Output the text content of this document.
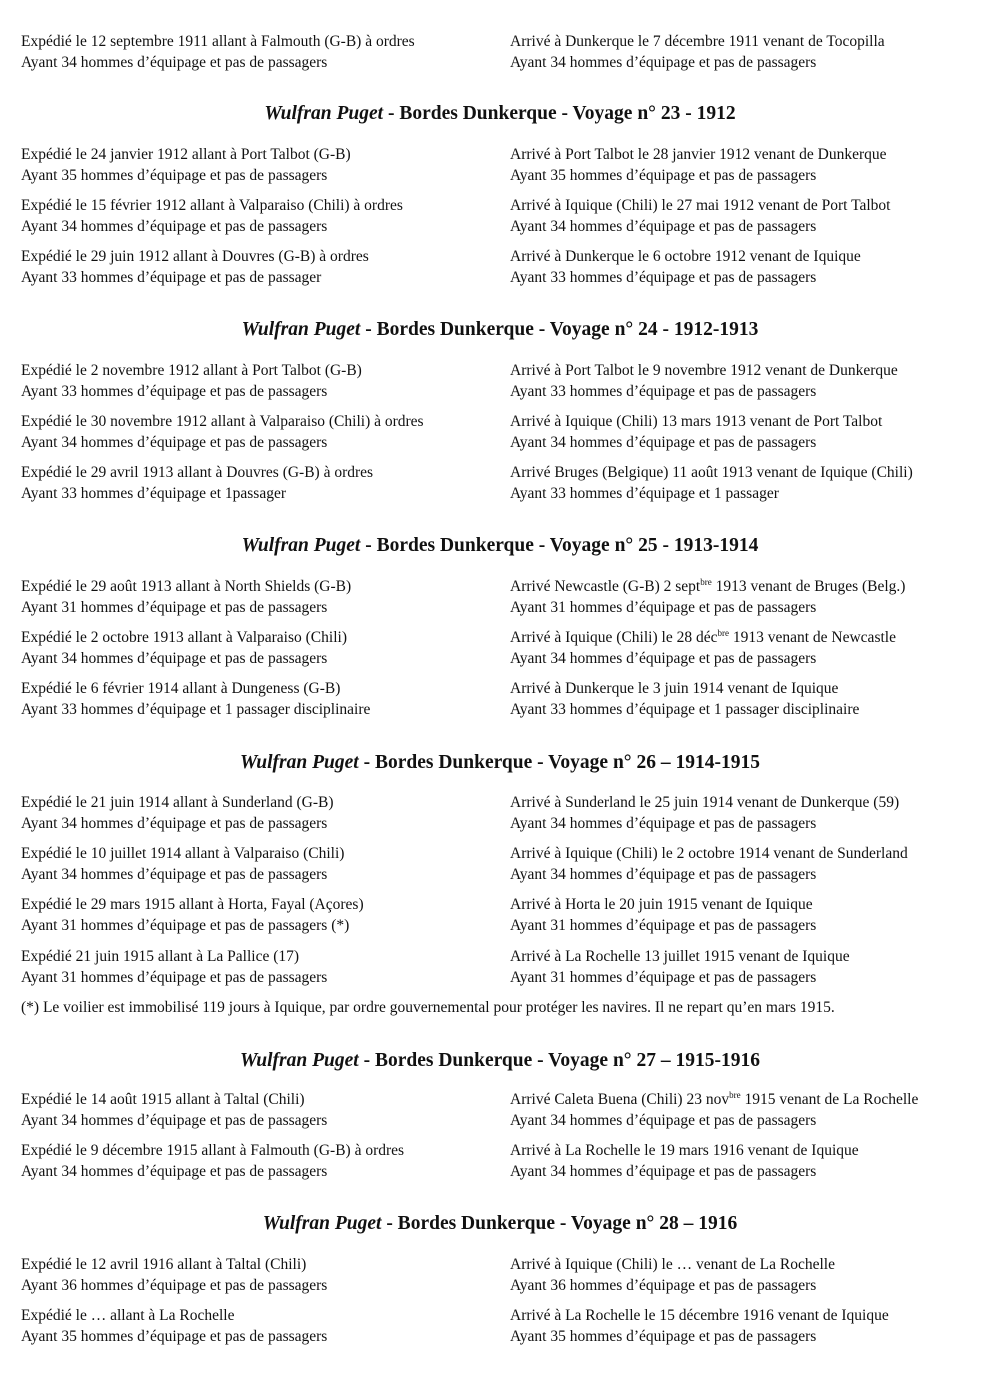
Expédié le 12 septembre 1911 allant à Falmouth (G-B) à ordres
Ayant 34 hommes d’équipage et pas de passagers
Arrivé à Dunkerque le 7 décembre 1911 venant de Tocopilla
Ayant 34 hommes d’équipage et pas de passagers
Wulfran Puget - Bordes Dunkerque - Voyage n° 23 - 1912
Expédié le 24 janvier 1912 allant à Port Talbot (G-B)
Ayant 35 hommes d’équipage et pas de passagers
Arrivé à Port Talbot le 28 janvier 1912 venant de Dunkerque
Ayant 35 hommes d’équipage et pas de passagers
Expédié le 15 février 1912 allant à Valparaiso (Chili) à ordres
Ayant 34 hommes d’équipage et pas de passagers
Arrivé à Iquique (Chili) le 27 mai 1912 venant de Port Talbot
Ayant 34 hommes d’équipage et pas de passagers
Expédié le 29 juin 1912 allant à Douvres (G-B) à ordres
Ayant 33 hommes d’équipage et pas de passager
Arrivé à Dunkerque le 6 octobre 1912 venant de Iquique
Ayant 33 hommes d’équipage et pas de passagers
Wulfran Puget - Bordes Dunkerque - Voyage n° 24 - 1912-1913
Expédié le 2 novembre 1912 allant à Port Talbot (G-B)
Ayant 33 hommes d’équipage et pas de passagers
Arrivé à Port Talbot le 9 novembre 1912 venant de Dunkerque
Ayant 33 hommes d’équipage et pas de passagers
Expédié le 30 novembre 1912 allant à Valparaiso (Chili) à ordres
Ayant 34 hommes d’équipage et pas de passagers
Arrivé à Iquique (Chili) 13 mars 1913 venant de Port Talbot
Ayant 34 hommes d’équipage et pas de passagers
Expédié le 29 avril 1913 allant à Douvres (G-B) à ordres
Ayant 33 hommes d’équipage et 1passager
Arrivé Bruges (Belgique) 11 août 1913 venant de Iquique (Chili)
Ayant 33 hommes d’équipage et 1 passager
Wulfran Puget - Bordes Dunkerque - Voyage n° 25 - 1913-1914
Expédié le 29 août 1913 allant à North Shields (G-B)
Ayant 31 hommes d’équipage et pas de passagers
Arrivé Newcastle (G-B) 2 sept$^{bre}$ 1913 venant de Bruges (Belg.)
Ayant 31 hommes d’équipage et pas de passagers
Expédié le 2 octobre 1913 allant à Valparaiso (Chili)
Ayant 34 hommes d’équipage et pas de passagers
Arrivé à Iquique (Chili) le 28 déc$^{bre}$ 1913 venant de Newcastle
Ayant 34 hommes d’équipage et pas de passagers
Expédié le 6 février 1914 allant à Dungeness (G-B)
Ayant 33 hommes d’équipage et 1 passager disciplinaire
Arrivé à Dunkerque le 3 juin 1914 venant de Iquique
Ayant 33 hommes d’équipage et 1 passager disciplinaire
Wulfran Puget - Bordes Dunkerque - Voyage n° 26 – 1914-1915
Expédié le 21 juin 1914 allant à Sunderland (G-B)
Ayant 34 hommes d’équipage et pas de passagers
Arrivé à Sunderland le 25 juin 1914 venant de Dunkerque (59)
Ayant 34 hommes d’équipage et pas de passagers
Expédié le 10 juillet 1914 allant à Valparaiso (Chili)
Ayant 34 hommes d’équipage et pas de passagers
Arrivé à Iquique (Chili) le 2 octobre 1914 venant de Sunderland
Ayant 34 hommes d’équipage et pas de passagers
Expédié le 29 mars 1915 allant à Horta, Fayal (Açores)
Ayant 31 hommes d’équipage et pas de passagers (*)
Arrivé à Horta le 20 juin 1915 venant de Iquique
Ayant 31 hommes d’équipage et pas de passagers
Expédié 21 juin 1915 allant à La Pallice (17)
Ayant 31 hommes d’équipage et pas de passagers
Arrivé à La Rochelle 13 juillet 1915 venant de Iquique
Ayant 31 hommes d’équipage et pas de passagers
(*) Le voilier est immobilisé 119 jours à Iquique, par ordre gouvernemental pour protéger les navires. Il ne repart qu’en mars 1915.
Wulfran Puget - Bordes Dunkerque - Voyage n° 27 – 1915-1916
Expédié le 14 août 1915 allant à Taltal (Chili)
Ayant 34 hommes d’équipage et pas de passagers
Arrivé Caleta Buena (Chili) 23 nov$^{bre}$ 1915 venant de La Rochelle
Ayant 34 hommes d’équipage et pas de passagers
Expédié le 9 décembre 1915 allant à Falmouth (G-B) à ordres
Ayant 34 hommes d’équipage et pas de passagers
Arrivé à La Rochelle le 19 mars 1916 venant de Iquique
Ayant 34 hommes d’équipage et pas de passagers
Wulfran Puget - Bordes Dunkerque - Voyage n° 28 – 1916
Expédié le 12 avril 1916 allant à Taltal (Chili)
Ayant 36 hommes d’équipage et pas de passagers
Arrivé à Iquique (Chili) le … venant de La Rochelle
Ayant 36 hommes d’équipage et pas de passagers
Expédié le … allant à La Rochelle
Ayant 35 hommes d’équipage et pas de passagers
Arrivé à La Rochelle le 15 décembre 1916 venant de Iquique
Ayant 35 hommes d’équipage et pas de passagers
